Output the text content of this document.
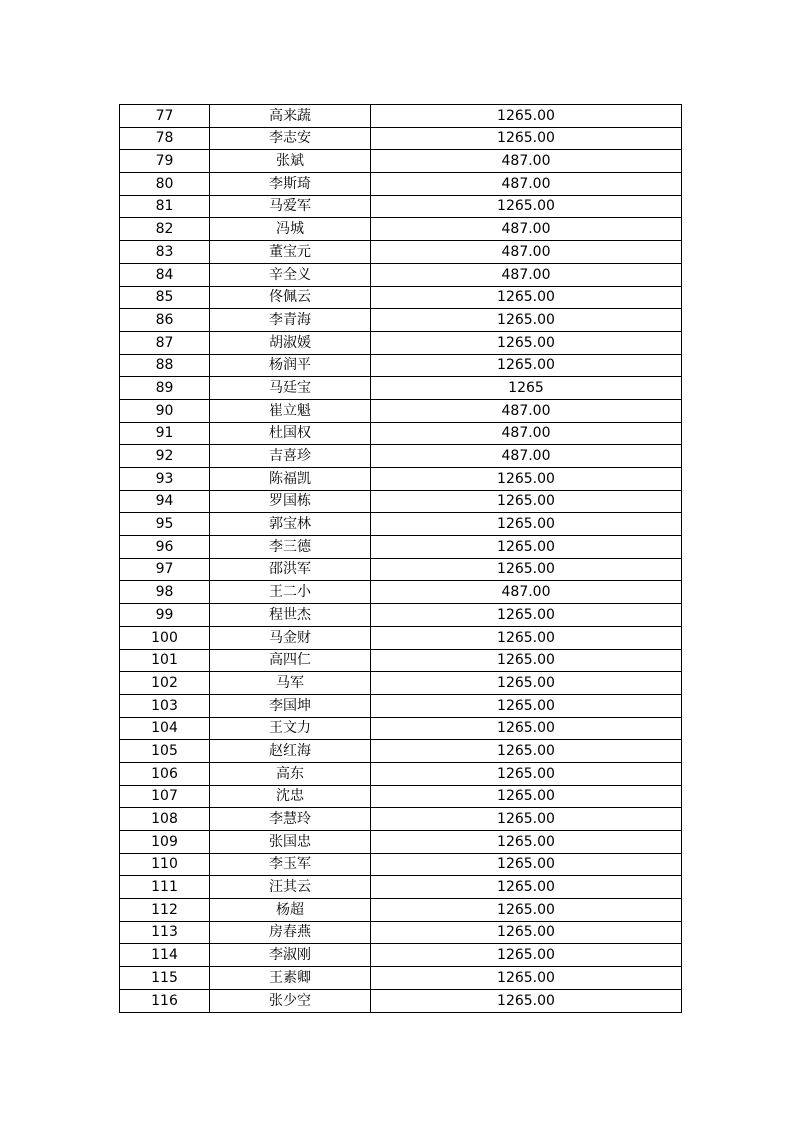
77	高来蔬	1265.00
78	李志安	1265.00
79	张斌	487.00
80	李斯琦	487.00
81	马爱军	1265.00
82	冯城	487.00
83	董宝元	487.00
84	辛全义	487.00
85	佟佩云	1265.00
86	李青海	1265.00
87	胡淑媛	1265.00
88	杨润平	1265.00
89	马廷宝	1265
90	崔立魁	487.00
91	杜国权	487.00
92	吉喜珍	487.00
93	陈福凯	1265.00
94	罗国栋	1265.00
95	郭宝林	1265.00
96	李三德	1265.00
97	邵洪军	1265.00
98	王二小	487.00
99	程世杰	1265.00
100	马金财	1265.00
101	高四仁	1265.00
102	马军	1265.00
103	李国坤	1265.00
104	王文力	1265.00
105	赵红海	1265.00
106	高东	1265.00
107	沈忠	1265.00
108	李慧玲	1265.00
109	张国忠	1265.00
110	李玉军	1265.00
111	汪其云	1265.00
112	杨超	1265.00
113	房春燕	1265.00
114	李淑刚	1265.00
115	王素卿	1265.00
116	张少空	1265.00
